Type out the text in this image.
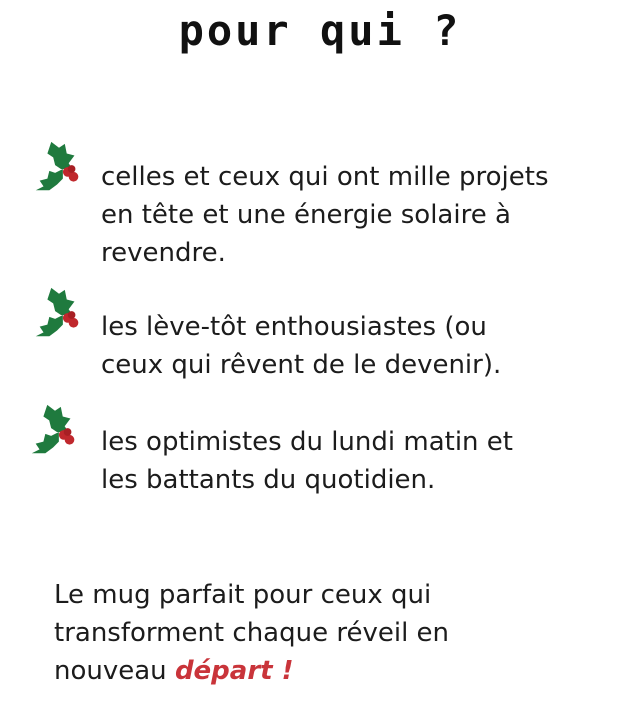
pour qui ?
celles et ceux qui ont mille projets
en tête et une énergie solaire à
revendre.
les lève-tôt enthousiastes (ou
ceux qui rêvent de le devenir).
les optimistes du lundi matin et
les battants du quotidien.
Le mug parfait pour ceux qui
transforment chaque réveil en
nouveau départ !
